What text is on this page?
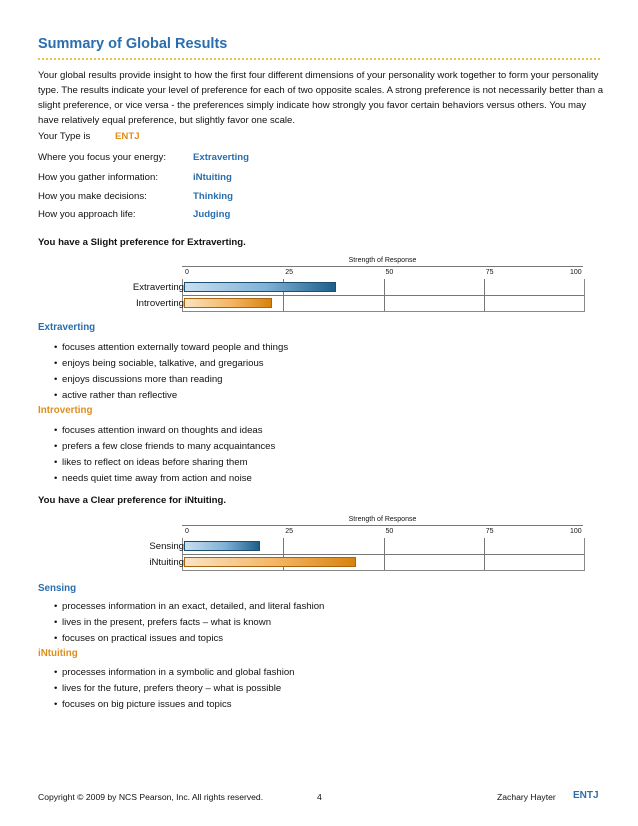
Summary of Global Results
Your global results provide insight to how the first four different dimensions of your personality work together to form your personality type. The results indicate your level of preference for each of two opposite scales. A strong preference is not necessarily better than a slight preference, or vice versa - the preferences simply indicate how strongly you favor certain behaviors versus others. You may have relatively equal preference, but slightly favor one scale.
Your Type is	ENTJ
Where you focus your energy:	Extraverting
How you gather information:	iNtuiting
How you make decisions:	Thinking
How you approach life:	Judging
You have a Slight preference for Extraverting.
Strength of Response
Extraverting
Introverting
0	25	50	75	100
Extraverting
• focuses attention externally toward people and things
• enjoys being sociable, talkative, and gregarious
• enjoys discussions more than reading
• active rather than reflective
Introverting
• focuses attention inward on thoughts and ideas
• prefers a few close friends to many acquaintances
• likes to reflect on ideas before sharing them
• needs quiet time away from action and noise
You have a Clear preference for iNtuiting.
Strength of Response
Sensing
iNtuiting
0	25	50	75	100
Sensing
• processes information in an exact, detailed, and literal fashion
• lives in the present, prefers facts – what is known
• focuses on practical issues and topics
iNtuiting
• processes information in a symbolic and global fashion
• lives for the future, prefers theory – what is possible
• focuses on big picture issues and topics
Copyright © 2009 by NCS Pearson, Inc. All rights reserved.	4	Zachary Hayter ENTJ
